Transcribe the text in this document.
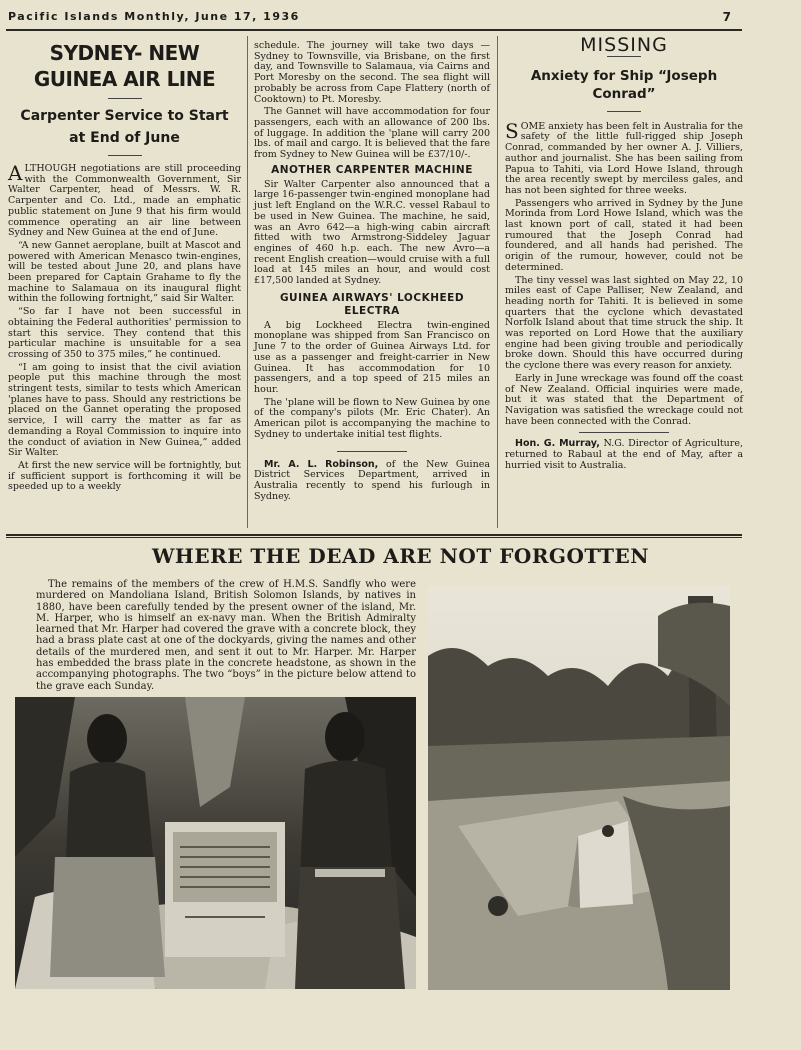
Pacific Islands Monthly, June 17, 1936	7
SYDNEY- NEW GUINEA AIR LINE
Carpenter Service to Start at End of June

ALTHOUGH negotiations are still proceeding with the Commonwealth Government, Sir Walter Carpenter, head of Messrs. W. R. Carpenter and Co. Ltd., made an emphatic public statement on June 9 that his firm would commence operating an air line between Sydney and New Guinea at the end of June.

“A new Gannet aeroplane, built at Mascot and powered with American Menasco twin-engines, will be tested about June 20, and plans have been prepared for Captain Grahame to fly the machine to Salamaua on its inaugural flight within the following fortnight,” said Sir Walter.

“So far I have not been successful in obtaining the Federal authorities' permission to start this service. They contend that this particular machine is unsuitable for a sea crossing of 350 to 375 miles,” he continued.

“I am going to insist that the civil aviation people put this machine through the most stringent tests, similar to tests which American 'planes have to pass. Should any restrictions be placed on the Gannet operating the proposed service, I will carry the matter as far as demanding a Royal Commission to inquire into the conduct of aviation in New Guinea,” added Sir Walter.

At first the new service will be fortnightly, but if sufficient support is forthcoming it will be speeded up to a weekly

schedule. The journey will take two days —Sydney to Townsville, via Brisbane, on the first day, and Townsville to Salamaua, via Cairns and Port Moresby on the second. The sea flight will probably be across from Cape Flattery (north of Cooktown) to Pt. Moresby.

The Gannet will have accommodation for four passengers, each with an allowance of 200 lbs. of luggage. In addition the 'plane will carry 200 lbs. of mail and cargo. It is believed that the fare from Sydney to New Guinea will be £37/10/-.

ANOTHER CARPENTER MACHINE

Sir Walter Carpenter also announced that a large 16-passenger twin-engined monoplane had just left England on the W.R.C. vessel Rabaul to be used in New Guinea. The machine, he said, was an Avro 642—a high-wing cabin aircraft fitted with two Armstrong-Siddeley Jaguar engines of 460 h.p. each. The new Avro—a recent English creation—would cruise with a full load at 145 miles an hour, and would cost £17,500 landed at Sydney.

GUINEA AIRWAYS' LOCKHEED ELECTRA

A big Lockheed Electra twin-engined monoplane was shipped from San Francisco on June 7 to the order of Guinea Airways Ltd. for use as a passenger and freight-carrier in New Guinea. It has accommodation for 10 passengers, and a top speed of 215 miles an hour.

The 'plane will be flown to New Guinea by one of the company's pilots (Mr. Eric Chater). An American pilot is accompanying the machine to Sydney to undertake initial test flights.

Mr. A. L. Robinson, of the New Guinea District Services Department, arrived in Australia recently to spend his furlough in Sydney.

MISSING
Anxiety for Ship “Joseph Conrad”

SOME anxiety has been felt in Australia for the safety of the little full-rigged ship Joseph Conrad, commanded by her owner A. J. Villiers, author and journalist. She has been sailing from Papua to Tahiti, via Lord Howe Island, through the area recently swept by merciless gales, and has not been sighted for three weeks.

Passengers who arrived in Sydney by the June Morinda from Lord Howe Island, which was the last known port of call, stated it had been rumoured that the Joseph Conrad had foundered, and all hands had perished. The origin of the rumour, however, could not be determined.

The tiny vessel was last sighted on May 22, 10 miles east of Cape Palliser, New Zealand, and heading north for Tahiti. It is believed in some quarters that the cyclone which devastated Norfolk Island about that time struck the ship. It was reported on Lord Howe that the auxiliary engine had been giving trouble and periodically broke down. Should this have occurred during the cyclone there was every reason for anxiety.

Early in June wreckage was found off the coast of New Zealand. Official inquiries were made, but it was stated that the Department of Navigation was satisfied the wreckage could not have been connected with the Conrad.

Hon. G. Murray, N.G. Director of Agriculture, returned to Rabaul at the end of May, after a hurried visit to Australia.

WHERE THE DEAD ARE NOT FORGOTTEN

The remains of the members of the crew of H.M.S. Sandfly who were murdered on Mandoliana Island, British Solomon Islands, by natives in 1880, have been carefully tended by the present owner of the island, Mr. M. Harper, who is himself an ex-navy man. When the British Admiralty learned that Mr. Harper had covered the grave with a concrete block, they had a brass plate cast at one of the dockyards, giving the names and other details of the murdered men, and sent it out to Mr. Harper. Mr. Harper has embedded the brass plate in the concrete headstone, as shown in the accompanying photographs. The two “boys” in the picture below attend to the grave each Sunday.
